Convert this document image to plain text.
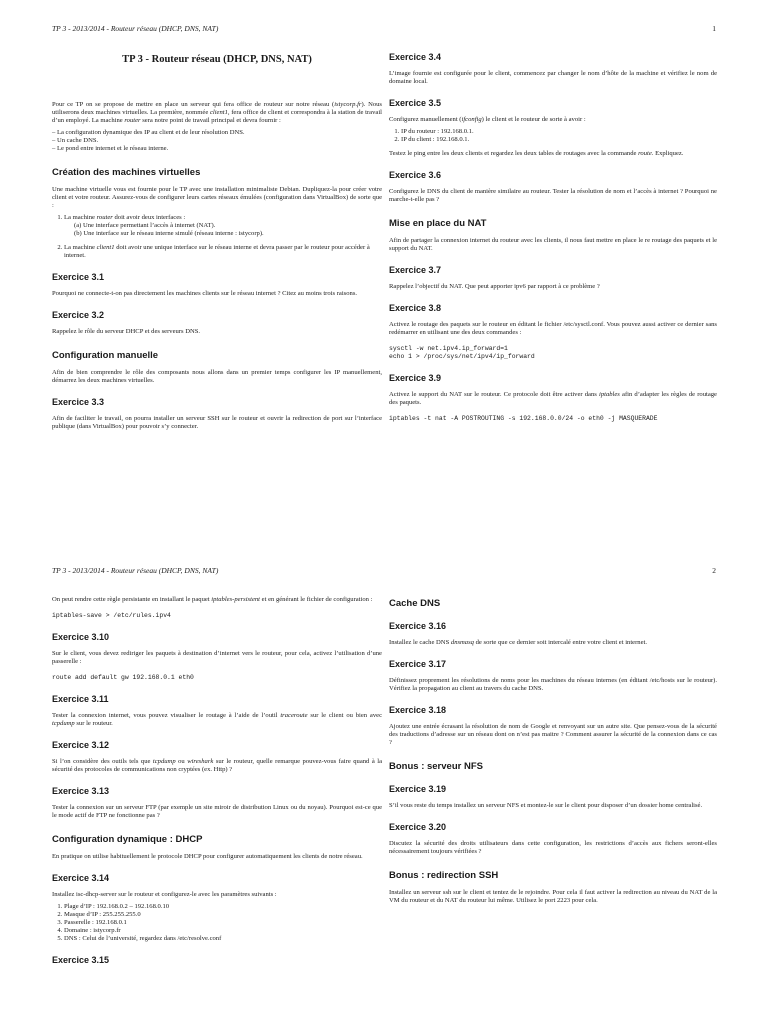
TP 3 - 2013/2014 - Routeur réseau (DHCP, DNS, NAT)	1
TP 3 - Routeur réseau (DHCP, DNS, NAT)

Pour ce TP on se propose de mettre en place un serveur qui fera office de routeur sur notre réseau (istycorp.fr). Nous utiliserons deux machines virtuelles. La première, nommée client1, fera office de client et correspondra à la station de travail d’un employé. La machine router sera notre point de travail principal et devra fournir :

– La configuration dynamique des IP au client et de leur résolution DNS.
– Un cache DNS.
– Le pond entre internet et le réseau interne.
Création des machines virtuelles

Une machine virtuelle vous est fournie pour le TP avec une installation minimaliste Debian. Dupliquez-la pour créer votre client et votre routeur. Assurez-vous de configurer leurs cartes réseaux émulées (configuration dans VirtualBox) de sorte que :

1. La machine router doit avoir deux interfaces :
(a) Une interface permettant l’accès à internet (NAT).
(b) Une interface sur le réseau interne simulé (réseau interne : istycorp).
2. La machine client1 doit avoir une unique interface sur le réseau interne et devra passer par le routeur pour accéder à internet.
Exercice 3.1

Pourquoi ne connecte-t-on pas directement les machines clients sur le réseau internet ? Citez au moins trois raisons.

Exercice 3.2

Rappelez le rôle du serveur DHCP et des serveurs DNS.

Configuration manuelle

Afin de bien comprendre le rôle des composants nous allons dans un premier temps configurer les IP manuellement, démarrez les deux machines virtuelles.

Exercice 3.3

Afin de faciliter le travail, on pourra installer un serveur SSH sur le routeur et ouvrir la redirection de port sur l’interface publique (dans VirtualBox) pour pouvoir s’y connecter.

Exercice 3.4

L’image fournie est configurée pour le client, commencez par changer le nom d’hôte de la machine et vérifiez le nom de domaine local.

Exercice 3.5

Configurez manuellement (ifconfig) le client et le routeur de sorte à avoir :

1. IP du routeur : 192.168.0.1.
2. IP du client : 192.168.0.1.

Testez le ping entre les deux clients et regardez les deux tables de routages avec la commande route. Expliquez.

Exercice 3.6

Configurez le DNS du client de manière similaire au routeur. Tester la résolution de nom et l’accès à internet ? Pourquoi ne marche-t-elle pas ?

Mise en place du NAT

Afin de partager la connexion internet du routeur avec les clients, il nous faut mettre en place le re routage des paquets et le support du NAT.

Exercice 3.7

Rappelez l’objectif du NAT. Que peut apporter ipv6 par rapport à ce problème ?

Exercice 3.8

Activez le routage des paquets sur le routeur en éditant le fichier /etc/sysctl.conf. Vous pouvez aussi activer ce dernier sans redémarrer en utilisant une des deux commandes :

sysctl -w net.ipv4.ip_forward=1
echo 1 > /proc/sys/net/ipv4/ip_forward
Exercice 3.9

Activez le support du NAT sur le routeur. Ce protocole doit être activer dans iptables afin d’adapter les règles de routage des paquets.

iptables -t nat -A POSTROUTING -s 192.168.0.0/24 -o eth0 -j MASQUERADE
TP 3 - 2013/2014 - Routeur réseau (DHCP, DNS, NAT)	2

On peut rendre cette règle persistante en installant le paquet iptables-persistent et en générant le fichier de configuration :

iptables-save > /etc/rules.ipv4
Exercice 3.10

Sur le client, vous devez rediriger les paquets à destination d’internet vers le routeur, pour cela, activez l’utilisation d’une passerelle :

route add default gw 192.168.0.1 eth0
Exercice 3.11

Tester la connexion internet, vous pouvez visualiser le routage à l’aide de l’outil traceroute sur le client ou bien avec tcpdump sur le routeur.

Exercice 3.12

Si l’on considère des outils tels que tcpdump ou wireshark sur le routeur, quelle remarque pouvez-vous faire quand à la sécurité des protocoles de communications non cryptées (ex. Http) ?

Exercice 3.13

Tester la connexion sur un serveur FTP (par exemple un site miroir de distribution Linux ou du noyau). Pourquoi est-ce que le mode actif de FTP ne fonctionne pas ?

Configuration dynamique : DHCP

En pratique on utilise habituellement le protocole DHCP pour configurer automatiquement les clients de notre réseau.

Exercice 3.14

Installez isc-dhcp-server sur le routeur et configurez-le avec les paramètres suivants :

1. Plage d’IP : 192.168.0.2 – 192.168.0.10
2. Masque d’IP : 255.255.255.0
3. Passerelle : 192.168.0.1
4. Domaine : istycorp.fr
5. DNS : Celui de l’université, regardez dans /etc/resolve.conf
Exercice 3.15
Cache DNS
Exercice 3.16

Installez le cache DNS dnsmasq de sorte que ce dernier soit intercalé entre votre client et internet.

Exercice 3.17

Définissez proprement les résolutions de noms pour les machines du réseau internes (en éditant /etc/hosts sur le routeur). Vérifiez la propagation au client au travers du cache DNS.

Exercice 3.18

Ajoutez une entrée écrasant la résolution de nom de Google et renvoyant sur un autre site. Que pensez-vous de la sécurité des traductions d’adresse sur un réseau dont on n’est pas maitre ? Comment assurer la sécurité de la connexion dans ce cas ?

Bonus : serveur NFS
Exercice 3.19

S’il vous reste du temps installez un serveur NFS et montez-le sur le client pour disposer d’un dossier home centralisé.

Exercice 3.20

Discutez la sécurité des droits utilisateurs dans cette configuration, les restrictions d’accès aux fichers seront-elles nécessairement toujours vérifiées ?

Bonus : redirection SSH

Installez un serveur ssh sur le client et tentez de le rejoindre. Pour cela il faut activer la redirection au niveau du NAT de la VM du routeur et du NAT du routeur lui même. Utilisez le port 2223 pour cela.
